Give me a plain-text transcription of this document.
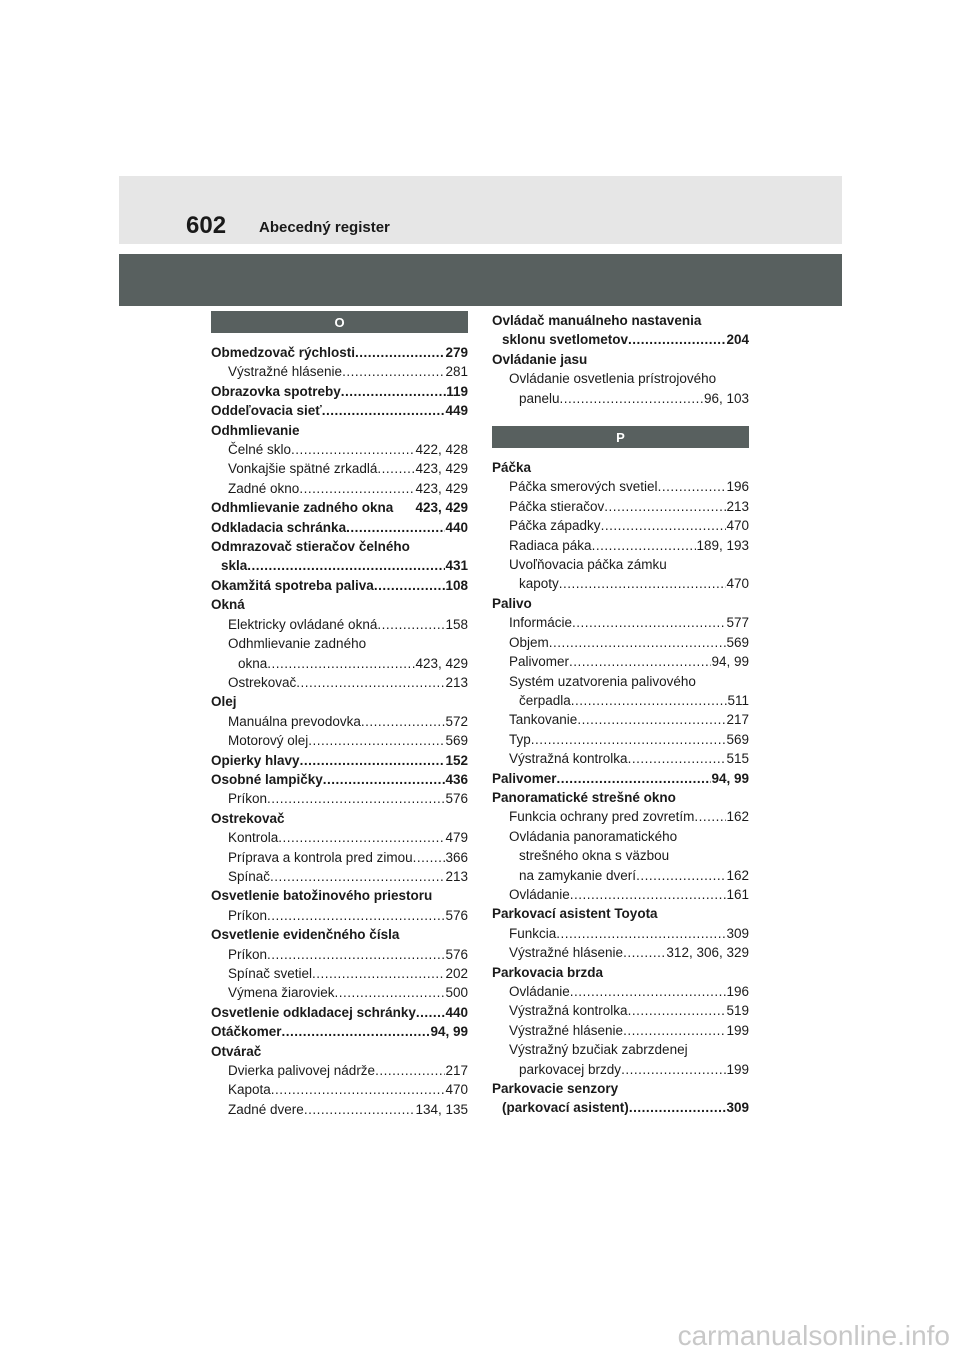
602 Abecedný register
O
Obmedzovač rýchlosti .....	279
Výstražné hlásenie .....	281
Obrazovka spotreby .....	119
Oddeľovacia sieť .....	449
Odhmlievanie
Čelné sklo .....	422, 428
Vonkajšie spätné zrkadlá .....	423, 429
Zadné okno .....	423, 429
Odhmlievanie zadného okna 423, 429
Odkladacia schránka .....	440
Odmrazovač stieračov čelného
skla .....	431
Okamžitá spotreba paliva .....	108
Okná
Elektricky ovládané okná .....	158
Odhmlievanie zadného
okna .....	423, 429
Ostrekovač .....	213
Olej
Manuálna prevodovka .....	572
Motorový olej .....	569
Opierky hlavy .....	152
Osobné lampičky .....	436
Príkon .....	576
Ostrekovač
Kontrola .....	479
Príprava a kontrola pred zimou ..... 366
Spínač .....	213
Osvetlenie batožinového priestoru
Príkon .....	576
Osvetlenie evidenčného čísla
Príkon .....	576
Spínač svetiel .....	202
Výmena žiaroviek .....	500
Osvetlenie odkladacej schránky ..... 440
Otáčkomer .....	94, 99
Otvárač
Dvierka palivovej nádrže .....	217
Kapota .....	470
Zadné dvere .....	134, 135
Ovládač manuálneho nastavenia
sklonu svetlometov .....	204
Ovládanie jasu
Ovládanie osvetlenia prístrojového
panelu .....	96, 103
P
Páčka
Páčka smerových svetiel .....	196
Páčka stieračov .....	213
Páčka západky .....	470
Radiaca páka .....	189, 193
Uvoľňovacia páčka zámku
kapoty .....	470
Palivo
Informácie .....	577
Objem .....	569
Palivomer .....	94, 99
Systém uzatvorenia palivového
čerpadla .....	511
Tankovanie .....	217
Typ .....	569
Výstražná kontrolka .....	515
Palivomer .....	94, 99
Panoramatické strešné okno
Funkcia ochrany pred zovretím ..... 162
Ovládania panoramatického
strešného okna s väzbou
na zamykanie dverí .....	162
Ovládanie .....	161
Parkovací asistent Toyota
Funkcia .....	309
Výstražné hlásenie .....	312, 306, 329
Parkovacia brzda
Ovládanie .....	196
Výstražná kontrolka .....	519
Výstražné hlásenie .....	199
Výstražný bzučiak zabrzdenej
parkovacej brzdy .....	199
Parkovacie senzory
(parkovací asistent) .....	309
carmanualsonline.info
